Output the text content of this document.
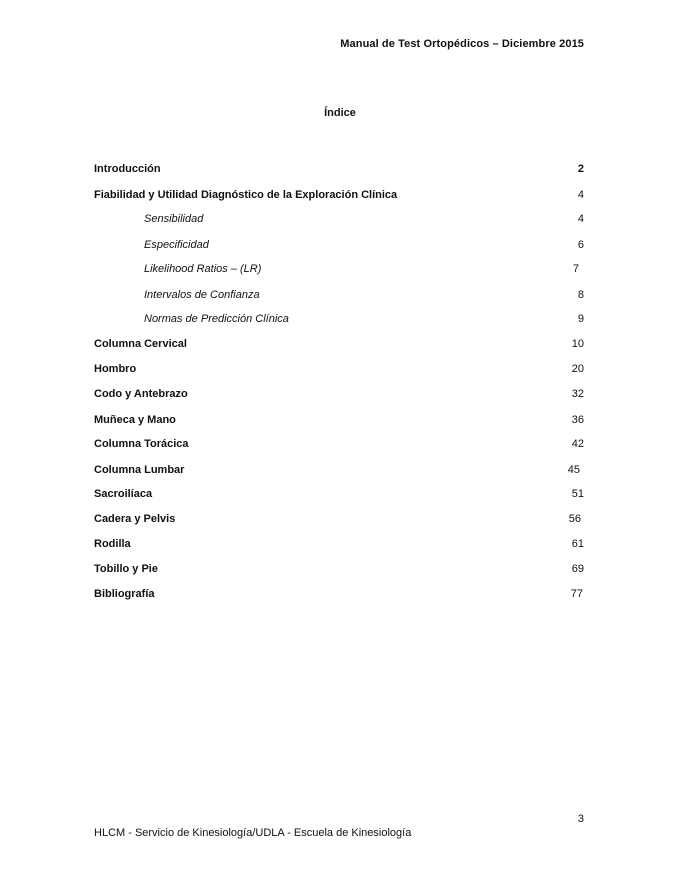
Manual de Test Ortopédicos – Diciembre 2015
Índice
Introducción	2
Fiabilidad y Utilidad Diagnóstico de la Exploración Clínica	4
Sensibilidad	4
Especificidad	6
Likelihood Ratios – (LR)	7
Intervalos de Confianza	8
Normas de Predicción Clínica	9
Columna Cervical	10
Hombro	20
Codo y Antebrazo	32
Muñeca y Mano	36
Columna Torácica	42
Columna Lumbar	45
Sacroilíaca	51
Cadera y Pelvis	56
Rodilla	61
Tobillo y Pie	69
Bibliografía	77
3
HLCM - Servicio de Kinesiología/UDLA - Escuela de Kinesiología
